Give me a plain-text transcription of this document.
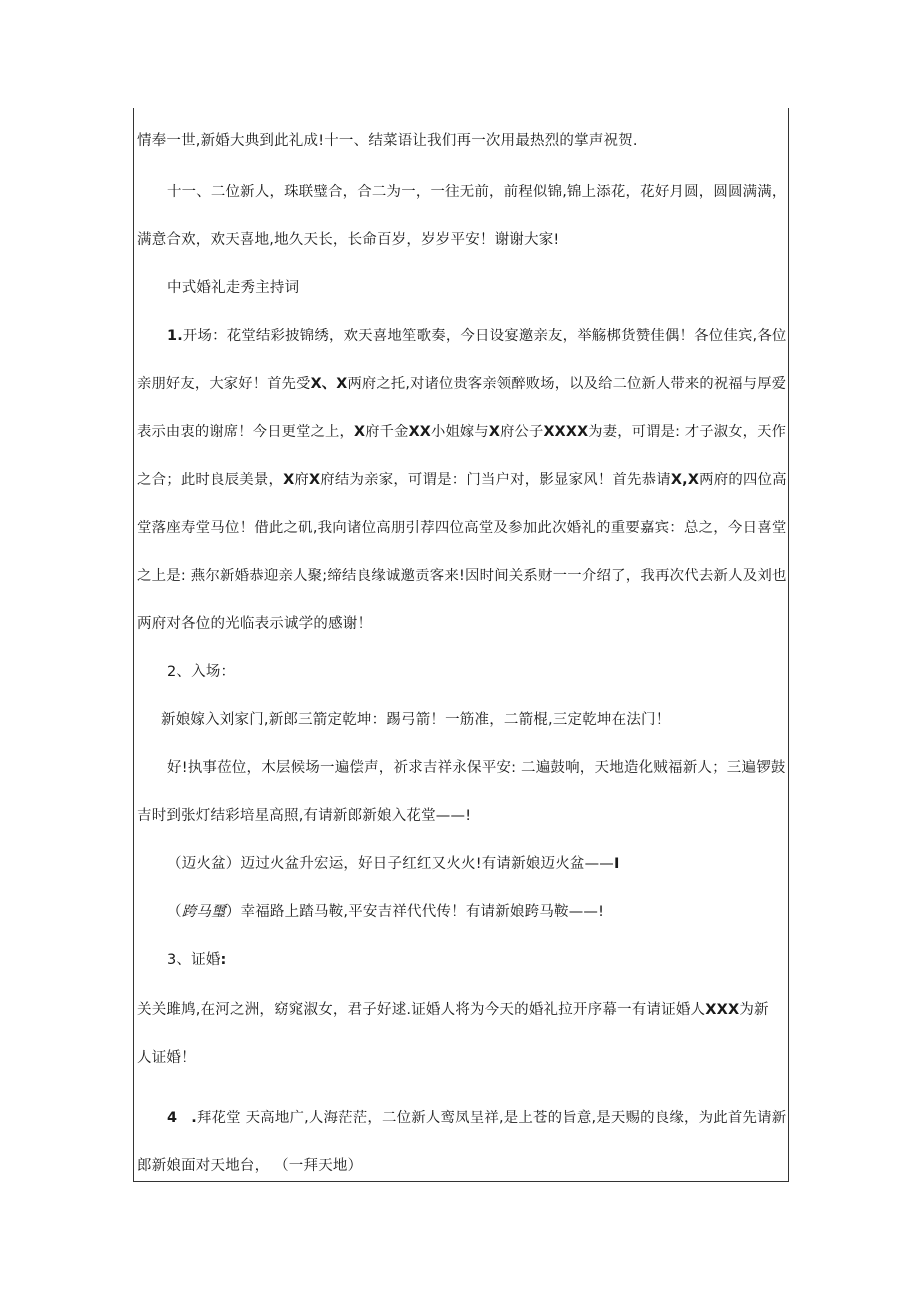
情奉一世,新婚大典到此礼成!十一、结菜语让我们再一次用最热烈的掌声祝贺.
十一、二位新人，珠联璧合，合二为一，一往无前，前程似锦,锦上添花，花好月圆，圆圆满满，
满意合欢，欢天喜地,地久天长，长命百岁，岁岁平安！谢谢大家!
中式婚礼走秀主持词
1.开场：花堂结彩披锦绣，欢天喜地笙歌奏，今日设宴邀亲友，举觞梆货赞佳偶！各位佳宾,各位
亲朋好友，大家好！首先受X、X两府之托,对诸位贵客亲领醉败场，以及给二位新人带来的祝福与厚爱
表示由衷的谢席！今日更堂之上，X府千金XX小姐嫁与X府公子XXXX为妻，可谓是: 才子淑女，天作
之合；此时良辰美景，X府X府结为亲家，可谓是：门当户对，影显家风！首先恭请X,X两府的四位高
堂落座寿堂马位！借此之矶,我向诸位高朋引荐四位高堂及参加此次婚礼的重要嘉宾：总之，今日喜堂
之上是: 燕尔新婚恭迎亲人聚;缔结良缘诚邀贡客来!因时间关系财一一介绍了，我再次代去新人及刘也
两府对各位的光临表示诚学的感谢！
2、入场：
新娘嫁入刘家门,新郎三箭定乾坤：踢弓箭！一筋准，二箭棍,三定乾坤在法门！
好!执事莅位，木层候场一遍偿声，祈求吉祥永保平安: 二遍鼓响，天地造化贼福新人；三遍锣鼓
吉时到张灯结彩培星高照,有请新郎新娘入花堂——!
（迈火盆）迈过火盆升宏运，好日子红红又火火!有请新娘迈火盆——I
（跨马璽）幸福路上踏马鞍,平安吉祥代代传！有请新娘跨马鞍——!
3、证婚:
关关雎鸠,在河之洲，窈窕淑女，君子好逑.证婚人将为今天的婚礼拉开序幕一有请证婚人XXX为新
人证婚！
4 .拜花堂 天高地广,人海茫茫，二位新人鸾凤呈祥,是上苍的旨意,是天赐的良缘，为此首先请新
郎新娘面对天地台， （一拜天地）
